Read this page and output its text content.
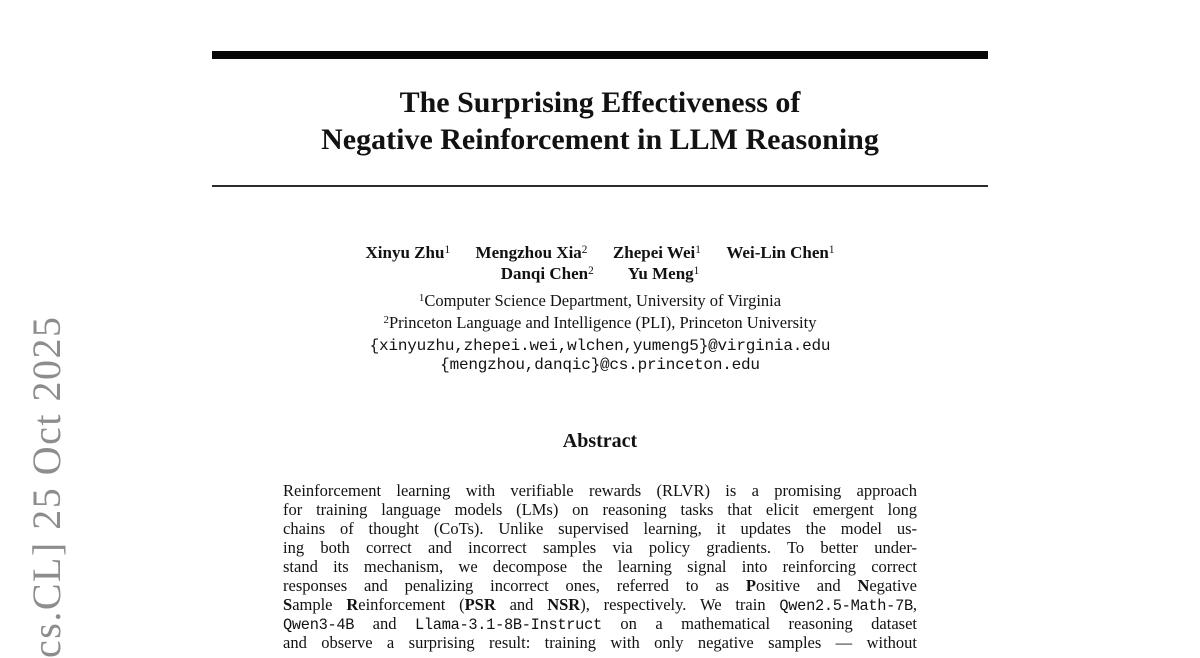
cs.CL] 25 Oct 2025
The Surprising Effectiveness of
Negative Reinforcement in LLM Reasoning
Xinyu Zhu$^1$   Mengzhou Xia$^2$   Zhepei Wei$^1$   Wei-Lin Chen$^1$
Danqi Chen$^2$   Yu Meng$^1$
$^1$Computer Science Department, University of Virginia
$^2$Princeton Language and Intelligence (PLI), Princeton University
{xinyuzhu,zhepei.wei,wlchen,yumeng5}@virginia.edu
{mengzhou,danqic}@cs.princeton.edu
Abstract
Reinforcement learning with verifiable rewards (RLVR) is a promising approach
for training language models (LMs) on reasoning tasks that elicit emergent long
chains of thought (CoTs). Unlike supervised learning, it updates the model us-
ing both correct and incorrect samples via policy gradients. To better under-
stand its mechanism, we decompose the learning signal into reinforcing correct
responses and penalizing incorrect ones, referred to as Positive and Negative
Sample Reinforcement (PSR and NSR), respectively. We train Qwen2.5-Math-7B,
Qwen3-4B and Llama-3.1-8B-Instruct on a mathematical reasoning dataset
and observe a surprising result: training with only negative samples — without
